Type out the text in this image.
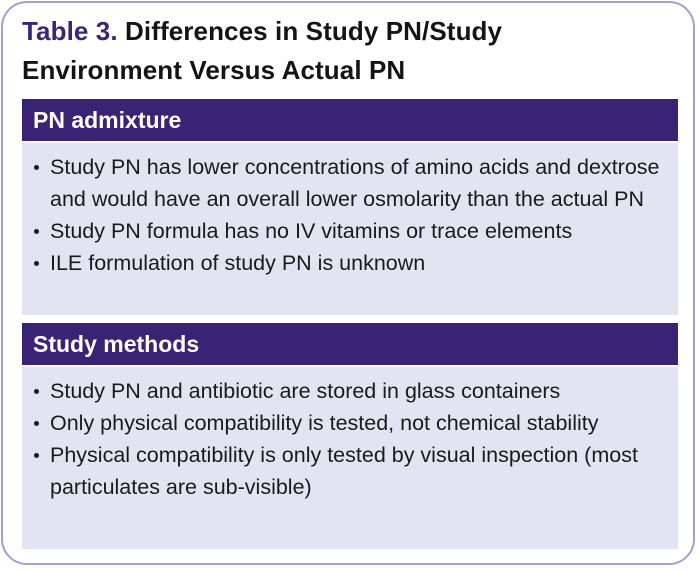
Table 3. Differences in Study PN/Study Environment Versus Actual PN
PN admixture
Study PN has lower concentrations of amino acids and dextrose and would have an overall lower osmolarity than the actual PN
Study PN formula has no IV vitamins or trace elements
ILE formulation of study PN is unknown
Study methods
Study PN and antibiotic are stored in glass containers
Only physical compatibility is tested, not chemical stability
Physical compatibility is only tested by visual inspection (most particulates are sub-visible)
